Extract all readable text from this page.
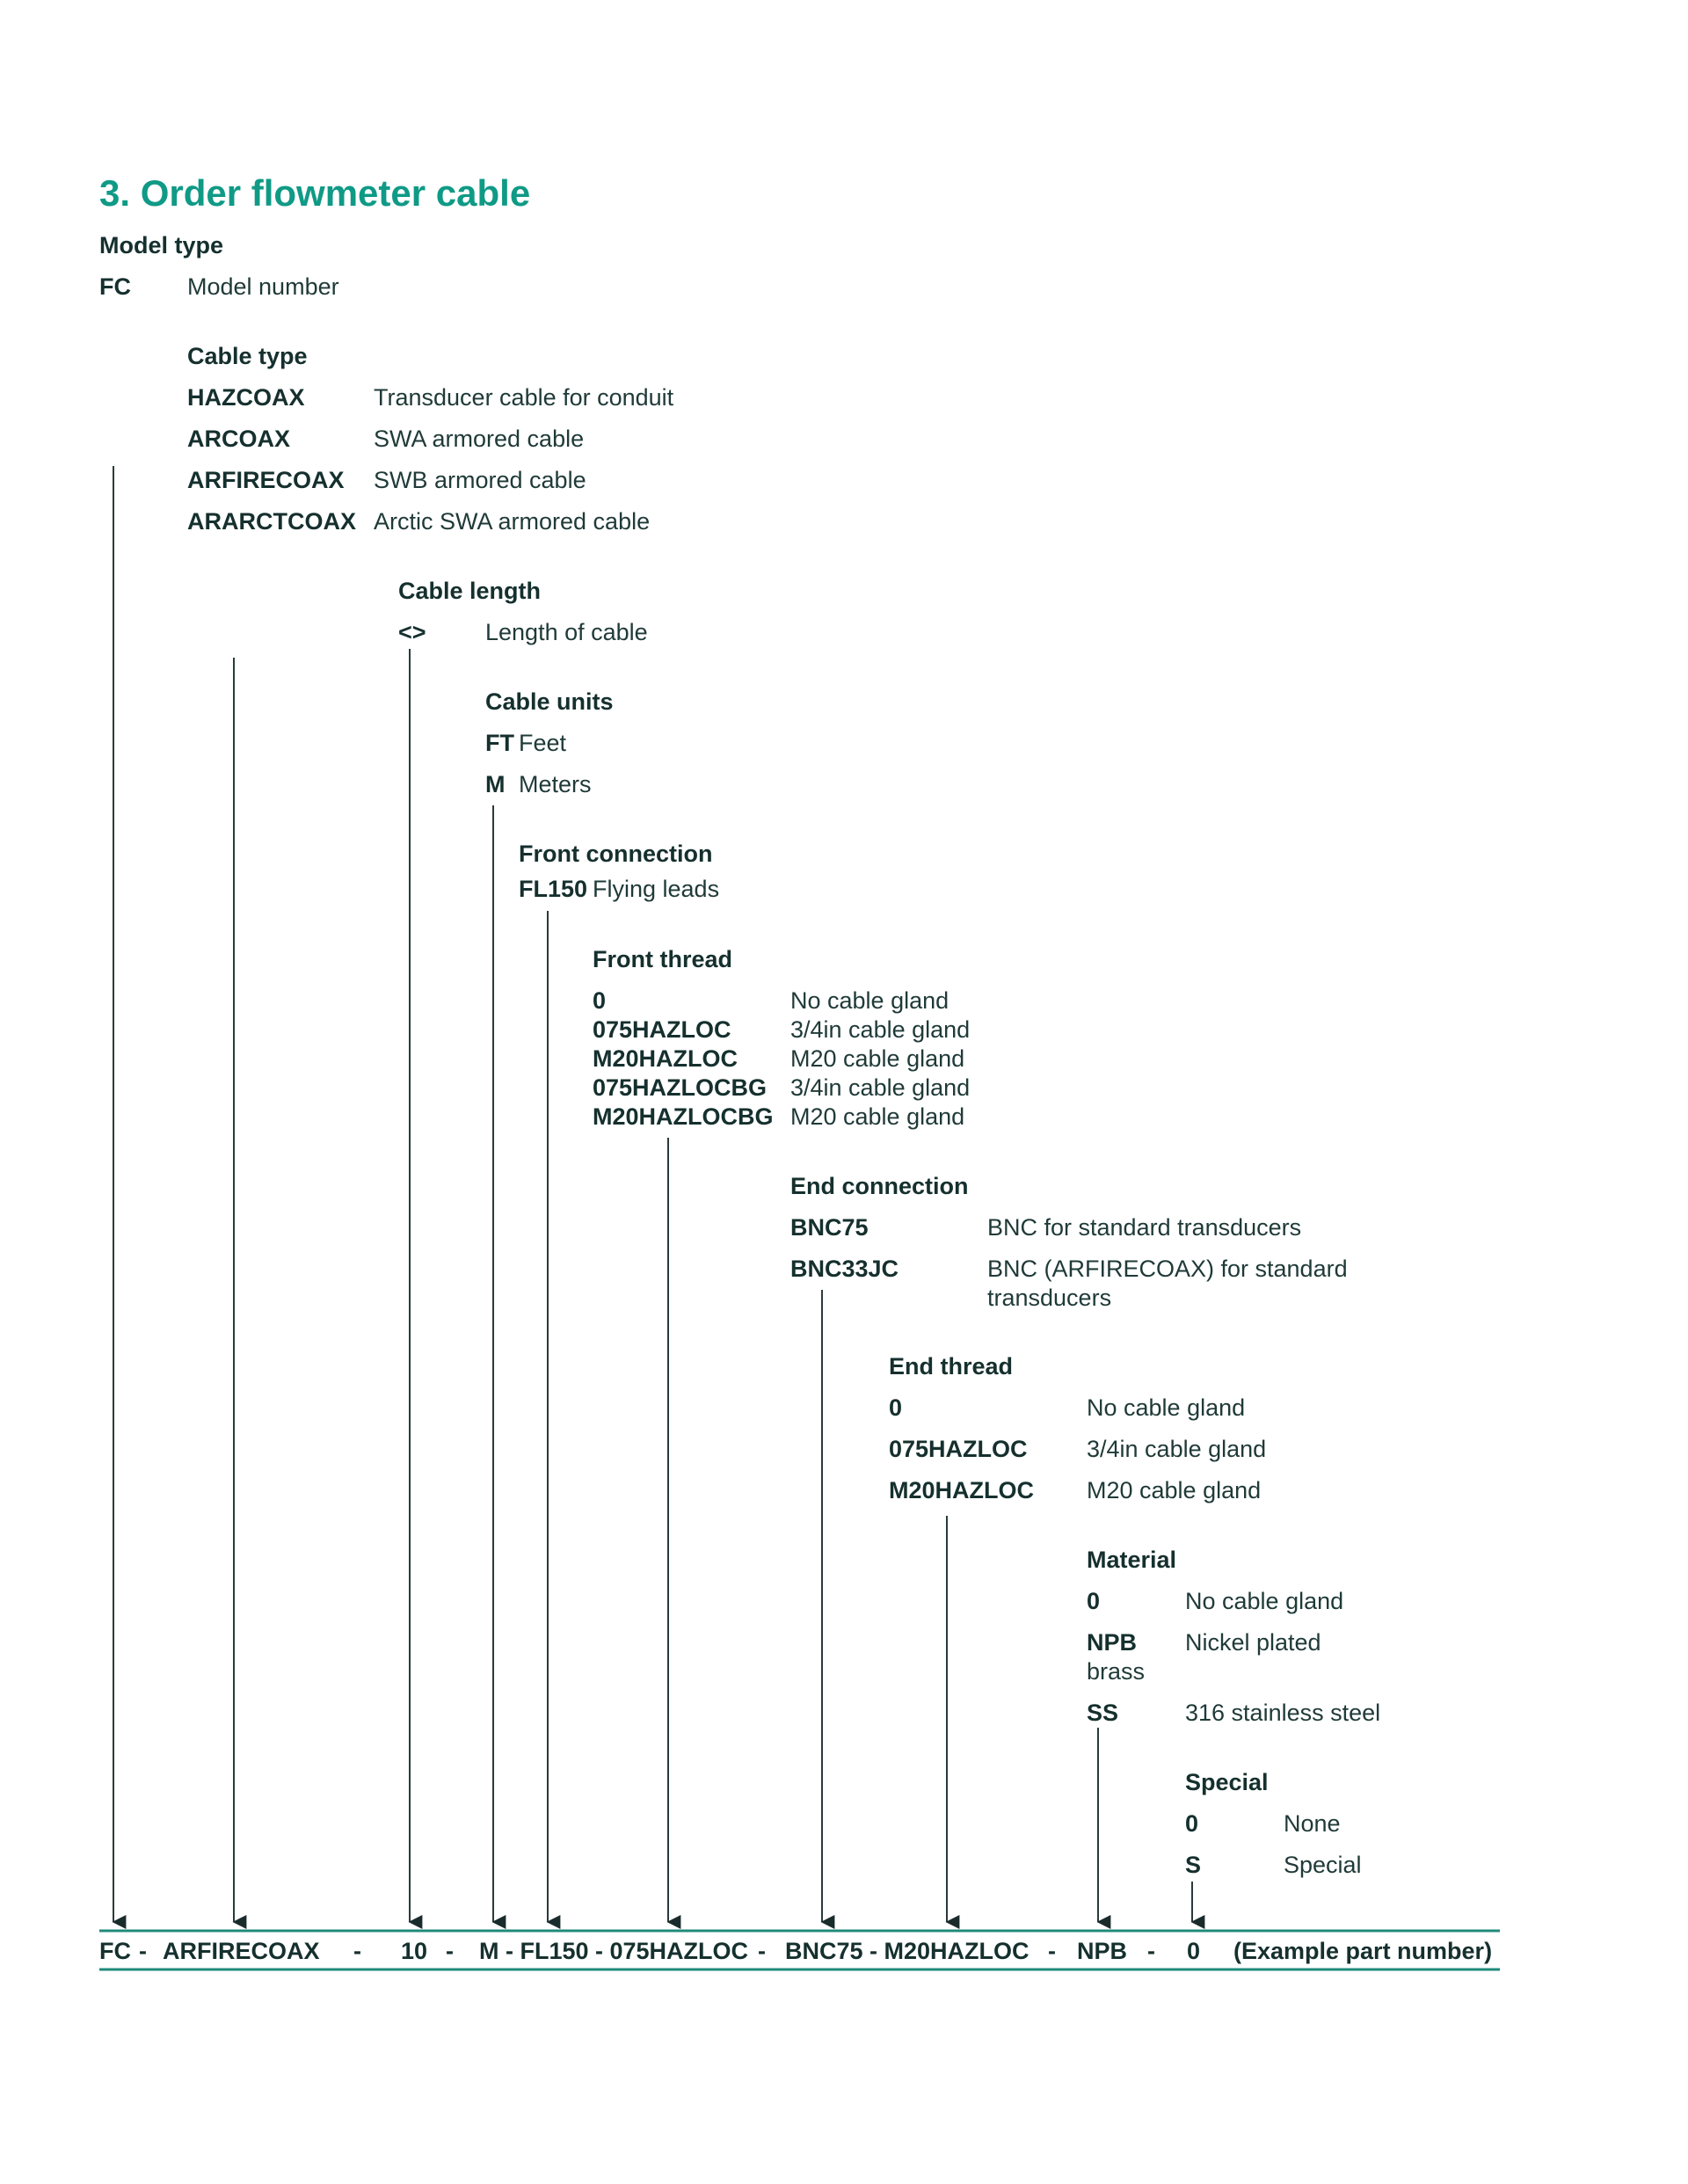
3. Order flowmeter cable
Model type
FC Model number
Cable type
HAZCOAX	Transducer cable for conduit
ARCOAX	SWA armored cable
ARFIRECOAX SWB armored cable
ARARCTCOAX Arctic SWA armored cable
Cable length
<> Length of cable
Cable units
FT Feet
M Meters
Front connection
FL150 Flying leads
Front thread
0	No cable gland
075HAZLOC 3/4in cable gland
M20HAZLOC M20 cable gland
075HAZLOCBG 3/4in cable gland
M20HAZLOCBG M20 cable gland
End connection
BNC75	BNC for standard transducers
BNC33JC	BNC (ARFIRECOAX) for standard
transducers
End thread
0	No cable gland
075HAZLOC 3/4in cable gland
M20HAZLOC M20 cable gland
Material
0	No cable gland
NPB Nickel plated
brass
SS	316 stainless steel
Special
0	None
S	Special
FC - ARFIRECOAX - 10 - M - FL150 - 075HAZLOC - BNC75 - M20HAZLOC - NPB - 0 (Example part number)
